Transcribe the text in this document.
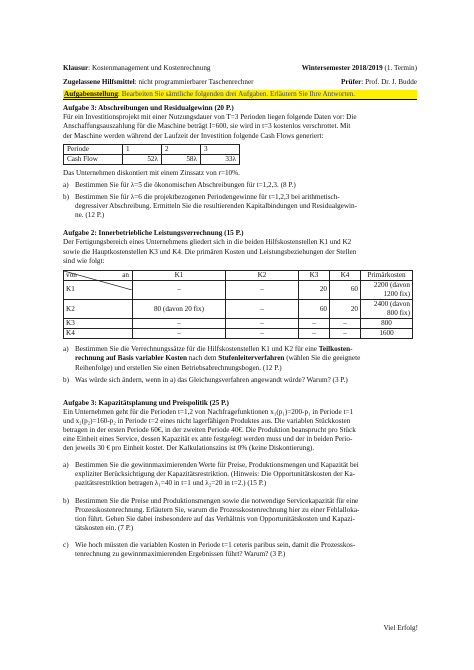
Klausur: Kostenmanagement und Kostenrechnung	Wintersemester 2018/2019 (1. Termin)
Zugelassene Hilfsmittel: nicht programmierbarer Taschenrechner	Prüfer: Prof. Dr. J. Budde
Aufgabenstellung: Bearbeiten Sie sämtliche folgenden drei Aufgaben. Erläutern Sie Ihre Antworten.
Aufgabe 3: Abschreibungen und Residualgewinn (20 P.)

Für ein Investitionsprojekt mit einer Nutzungsdauer von T=3 Perioden liegen folgende Daten vor: Die

Anschaffungsauszahlung für die Maschine beträgt I=600, sie wird in t=3 kostenlos verschrottet. Mit

der Maschine werden während der Laufzeit der Investition folgende Cash Flows generiert:

Periode	1	2	3
Cash Flow	52λ	58λ	33λ

Das Unternehmen diskontiert mit einem Zinssatz von r=10%.

a) Bestimmen Sie für λ=5 die ökonomischen Abschreibungen für t=1,2,3. (8 P.)
b) Bestimmen Sie für λ=6 die projektbezogenen Periodengewinne für t=1,2,3 bei arithmetisch-
degressiver Abschreibung. Ermitteln Sie die resultierenden Kapitalbindungen und Residualgewin-
ne. (12 P.)
Aufgabe 2: Innerbetriebliche Leistungsverrechnung (15 P.)

Der Fertigungsbereich eines Unternehmens gliedert sich in die beiden Hilfskostenstellen K1 und K2

sowie die Hauptkostenstellen K3 und K4. Die primären Kosten und Leistungsbeziehungen der Stellen

sind wie folgt:

an
von	K1	K2	K3	K4	Primärkosten
K1	–	–	20	60	2200 (davon 1200 fix)
K2	80 (davon 20 fix)	–	60	20	2400 (davon 800 fix)
K3	–	–	–	–	800
K4	–	–	–	–	1600
a) Bestimmen Sie die Verrechnungssätze für die Hilfskostenstellen K1 und K2 für eine Teilkosten-
rechnung auf Basis variabler Kosten nach dem Stufenleiterverfahren (wählen Sie die geeignete
Reihenfolge) und erstellen Sie einen Betriebsabrechnungsbogen. (12 P.)
b) Was würde sich ändern, wenn in a) das Gleichungsverfahren angewandt würde? Warum? (3 P.)
Aufgabe 3: Kapazitätsplanung und Preispolitik (25 P.)

Ein Unternehmen geht für die Perioden t=1,2 von Nachfragefunktionen x₁(p₁)=200-p₁ in Periode t=1

und x₂(p₂)=160-p₂ in Periode t=2 eines nicht lagerfähigen Produktes aus. Die variablen Stückkosten

betragen in der ersten Periode 60€, in der zweiten Periode 40€. Die Produktion beansprucht pro Stück

eine Einheit eines Service, dessen Kapazität ex ante festgelegt werden muss und der in beiden Perio-

den jeweils 30 € pro Einheit kostet. Der Kalkulationszins ist 0% (keine Diskontierung).

a) Bestimmen Sie die gewinnmaximierenden Werte für Preise, Produktionsmengen und Kapazität bei
expliziter Berücksichtigung der Kapazitätsrestriktion. (Hinweis: Die Opportunitätskosten der Ka-
pazitätsrestriktion betragen λ₁=40 in t=1 und λ₂=20 in t=2.) (15 P.)
b) Bestimmen Sie die Preise und Produktionsmengen sowie die notwendige Servicekapazität für eine
Prozesskostenrechnung. Erläutern Sie, warum die Prozesskostenrechnung hier zu einer Fehlalloka-
tion führt. Gehen Sie dabei insbesondere auf das Verhältnis von Opportunitätskosten und Kapazi-
tätskosten ein. (7 P.)
c) Wie hoch müssten die variablen Kosten in Periode t=1 ceteris paribus sein, damit die Prozesskos-
tenrechnung zu gewinnmaximierenden Ergebnissen führt? Warum? (3 P.)
Viel Erfolg!
